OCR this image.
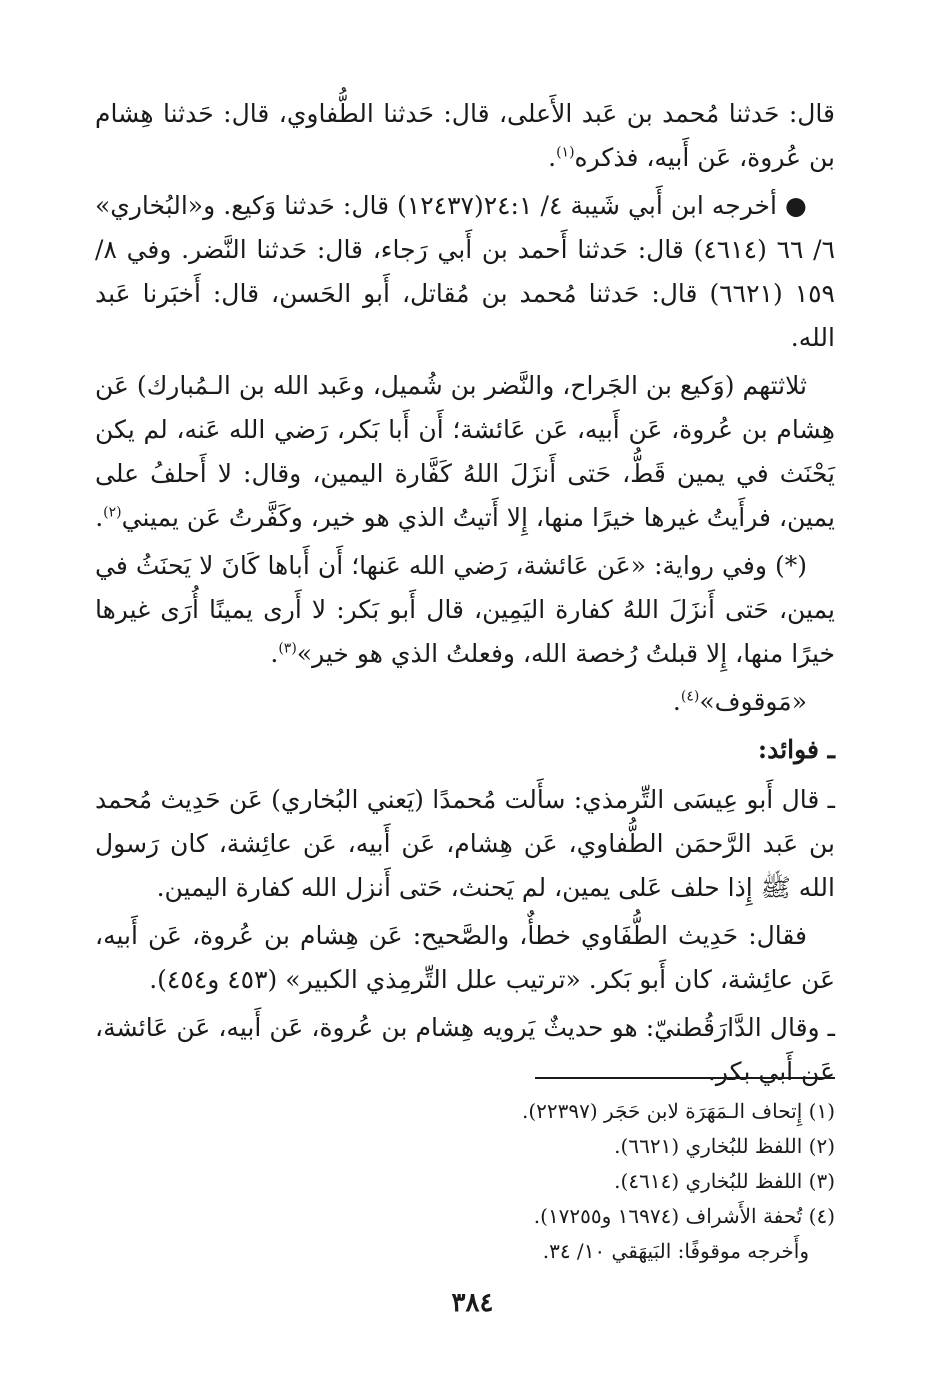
قال: حَدثنا مُحمد بن عَبد الأَعلى، قال: حَدثنا الطُّفاوي، قال: حَدثنا هِشام بن عُروة، عَن أَبيه، فذكره$^{(١)}$.

● أخرجه ابن أَبي شَيبة ٤/ ٢٤:١(١٢٤٣٧) قال: حَدثنا وَكيع. و«البُخاري» ٦/ ٦٦ (٤٦١٤) قال: حَدثنا أَحمد بن أَبي رَجاء، قال: حَدثنا النَّضر. وفي ٨/ ١٥٩ (٦٦٢١) قال: حَدثنا مُحمد بن مُقاتل، أَبو الحَسن، قال: أَخبَرنا عَبد الله.

ثلاثتهم (وَكيع بن الجَراح، والنَّضر بن شُميل، وعَبد الله بن الـمُبارك) عَن هِشام بن عُروة، عَن أَبيه، عَن عَائشة؛ أَن أَبا بَكر، رَضي الله عَنه، لم يكن يَحْنَث في يمين قَطُّ، حَتى أَنزَلَ اللهُ كَفَّارة اليمين، وقال: لا أَحلفُ على يمين، فرأَيتُ غيرها خيرًا منها، إِلا أَتيتُ الذي هو خير، وكَفَّرتُ عَن يميني$^{(٢)}$.

(*) وفي رواية: «عَن عَائشة، رَضي الله عَنها؛ أَن أَباها كَانَ لا يَحنَثُ في يمين، حَتى أَنزَلَ اللهُ كفارة اليَمِين، قال أَبو بَكر: لا أَرى يمينًا أُرَى غيرها خيرًا منها، إِلا قبلتُ رُخصة الله، وفعلتُ الذي هو خير»$^{(٣)}$.

«مَوقوف»$^{(٤)}$.

ـ فوائد:

ـ قال أَبو عِيسَى التِّرمذي: سأَلت مُحمدًا (يَعني البُخاري) عَن حَدِيث مُحمد بن عَبد الرَّحمَن الطُّفاوي، عَن هِشام، عَن أَبيه، عَن عائِشة، كان رَسول الله ﷺ إِذا حلف عَلى يمين، لم يَحنث، حَتى أَنزل الله كفارة اليمين.

فقال: حَدِيث الطُّفَاوي خطأٌ، والصَّحيح: عَن هِشام بن عُروة، عَن أَبيه، عَن عائِشة، كان أَبو بَكر. «ترتيب علل التِّرمِذي الكبير» (٤٥٣ و٤٥٤).

ـ وقال الدَّارَقُطنيّ: هو حديثٌ يَرويه هِشام بن عُروة، عَن أَبيه، عَن عَائشة، عَن أَبي بكر.

(١) إِتحاف الـمَهَرَة لابن حَجَر (٢٢٣٩٧).
(٢) اللفظ للبُخاري (٦٦٢١).
(٣) اللفظ للبُخاري (٤٦١٤).
(٤) تُحفة الأَشراف (١٦٩٧٤ و١٧٢٥٥).
وأَخرجه موقوفًا: البَيهَقي ١٠/ ٣٤.
٣٨٤
